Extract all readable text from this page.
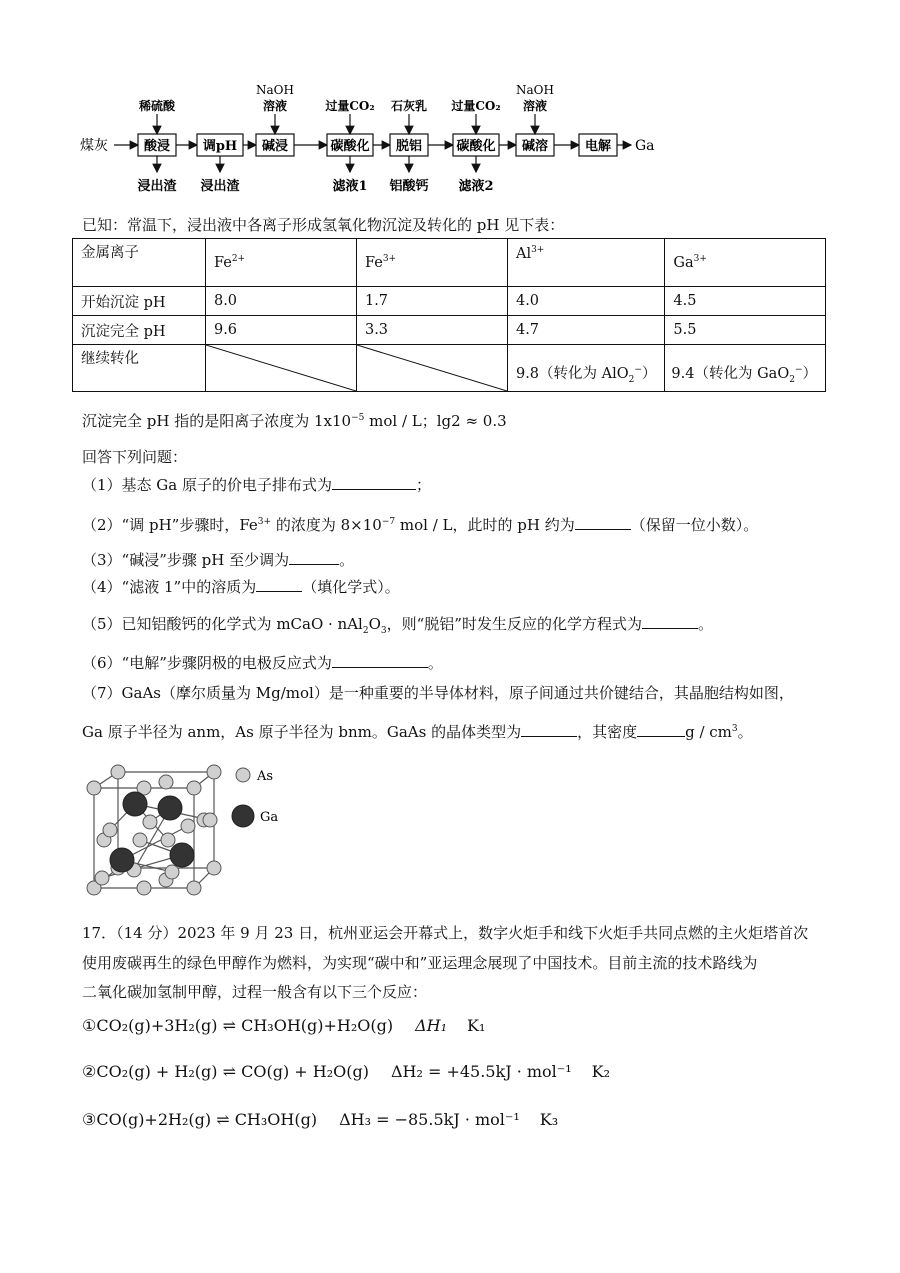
煤灰	酸浸
稀硫酸
浸出渣
调pH
浸出渣
碱浸
NaOH
溶液
碳酸化
过量CO₂
滤液1
脱铝
石灰乳
铝酸钙
碳酸化
过量CO₂
滤液2
碱溶
NaOH
溶液
电解 Ga
已知：常温下，浸出液中各离子形成氢氧化物沉淀及转化的 pH 见下表：
金属离子	$Fe^{2+}$	$Fe^{3+}$	$Al^{3+}$	$Ga^{3+}$
开始沉淀 pH	8.0	1.7	4.0	4.5
沉淀完全 pH	9.6	3.3	4.7	5.5
继续转化			9.8（转化为 AlO$_2$−）	9.4（转化为 GaO$_2$−）
沉淀完全 pH 指的是阳离子浓度为 $1x10^{-5}$ mol / L；lg2 ≈ 0.3
回答下列问题：
（1）基态 Ga 原子的价电子排布式为	；
（2）“调 pH”步骤时，$Fe^{3+}$ 的浓度为 $8\times 10^{-7}$ mol / L，此时的 pH 约为	（保留一位小数）。
（3）“碱浸”步骤 pH 至少调为	。
（4）“滤液 1”中的溶质为	（填化学式）。
（5）已知铝酸钙的化学式为 mCaO · $nAl_2O_3$，则“脱铝”时发生反应的化学方程式为	。
（6）“电解”步骤阴极的电极反应式为	。
（7）GaAs（摩尔质量为 Mg/mol）是一种重要的半导体材料，原子间通过共价键结合，其晶胞结构如图，
Ga 原子半径为 anm，As 原子半径为 bnm。GaAs 的晶体类型为	，其密度	g / $cm^3$。
As
Ga
17．（14 分）2023 年 9 月 23 日，杭州亚运会开幕式上，数字火炬手和线下火炬手共同点燃的主火炬塔首次
使用废碳再生的绿色甲醇作为燃料，为实现“碳中和”亚运理念展现了中国技术。目前主流的技术路线为
二氧化碳加氢制甲醇，过程一般含有以下三个反应：
①CO₂(g)+3H₂(g) ⇌ CH₃OH(g)+H₂O(g) ΔH₁ K₁
②CO₂(g) + H₂(g) ⇌ CO(g) + H₂O(g) ΔH₂ = +45.5kJ · mol⁻¹ K₂
③CO(g)+2H₂(g) ⇌ CH₃OH(g) ΔH₃ = −85.5kJ · mol⁻¹ K₃
